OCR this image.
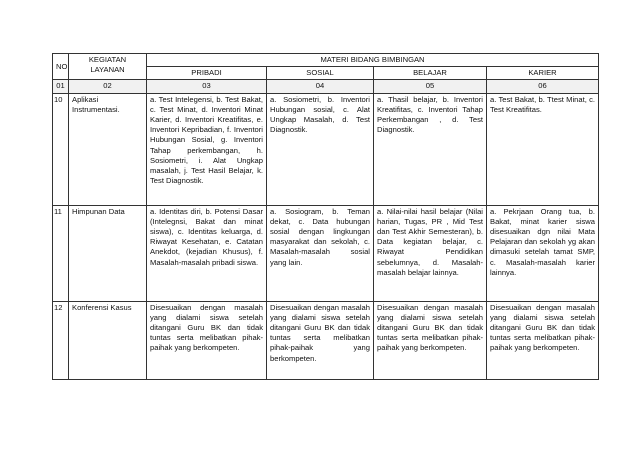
NO	KEGIATAN LAYANAN	MATERI BIDANG BIMBINGAN			
		PRIBADI	SOSIAL	BELAJAR	KARIER
01	02	03	04	05	06
10	Aplikasi Instrumentasi.	a. Test Intelegensi, b. Test Bakat, c. Test Minat, d. Inventori Minat Karier, d. Inventori Kreatifitas, e. Inventori Kepribadian, f. Inventori Hubungan Sosial, g. Inventori Tahap perkembangan, h. Sosiometri, i. Alat Ungkap masalah, j. Test Hasil Belajar, k. Test Diagnostik.	a. Sosiometri, b. Inventori Hubungan sosial, c. Alat Ungkap Masalah, d. Test Diagnostik.	a. Thasil belajar, b. Inventori Kreatifitas, c. Inventori Tahap Perkembangan , d. Test Diagnostik.	a. Test Bakat, b. Ttest Minat, c. Test Kreatifitas.
11	Himpunan Data	a. Identitas diri, b. Potensi Dasar (Intelegnsi, Bakat dan minat siswa), c. Identitas keluarga, d. Riwayat Kesehatan, e. Catatan Anekdot, (kejadian Khusus), f. Masalah-masalah pribadi siswa.	a. Sosiogram, b. Teman dekat, c. Data hubungan sosial dengan lingkungan masyarakat dan sekolah, c. Masalah-masalah sosial yang lain.	a. Nilai-nilai hasil belajar (Nilai harian, Tugas, PR , Mid Test dan Test Akhir Semesteran), b. Data kegiatan belajar, c. Riwayat Pendidikan sebelumnya, d. Masalah-masalah belajar lainnya.	a. Pekrjaan Orang tua, b. Bakat, minat karier siswa disesuaikan dgn nilai Mata Pelajaran dan sekolah yg akan dimasuki setelah tamat SMP, c. Masalah-masalah karier lainnya.
12	Konferensi Kasus	Disesuaikan dengan masalah yang dialami siswa setelah ditangani Guru BK dan tidak tuntas serta melibatkan pihak-paihak yang berkompeten.	Disesuaikan dengan masalah yang dialami siswa setelah ditangani Guru BK dan tidak tuntas serta melibatkan pihak-paihak yang berkompeten.	Disesuaikan dengan masalah yang dialami siswa setelah ditangani Guru BK dan tidak tuntas serta melibatkan pihak-paihak yang berkompeten.	Disesuaikan dengan masalah yang dialami siswa setelah ditangani Guru BK dan tidak tuntas serta melibatkan pihak-paihak yang berkompeten.
